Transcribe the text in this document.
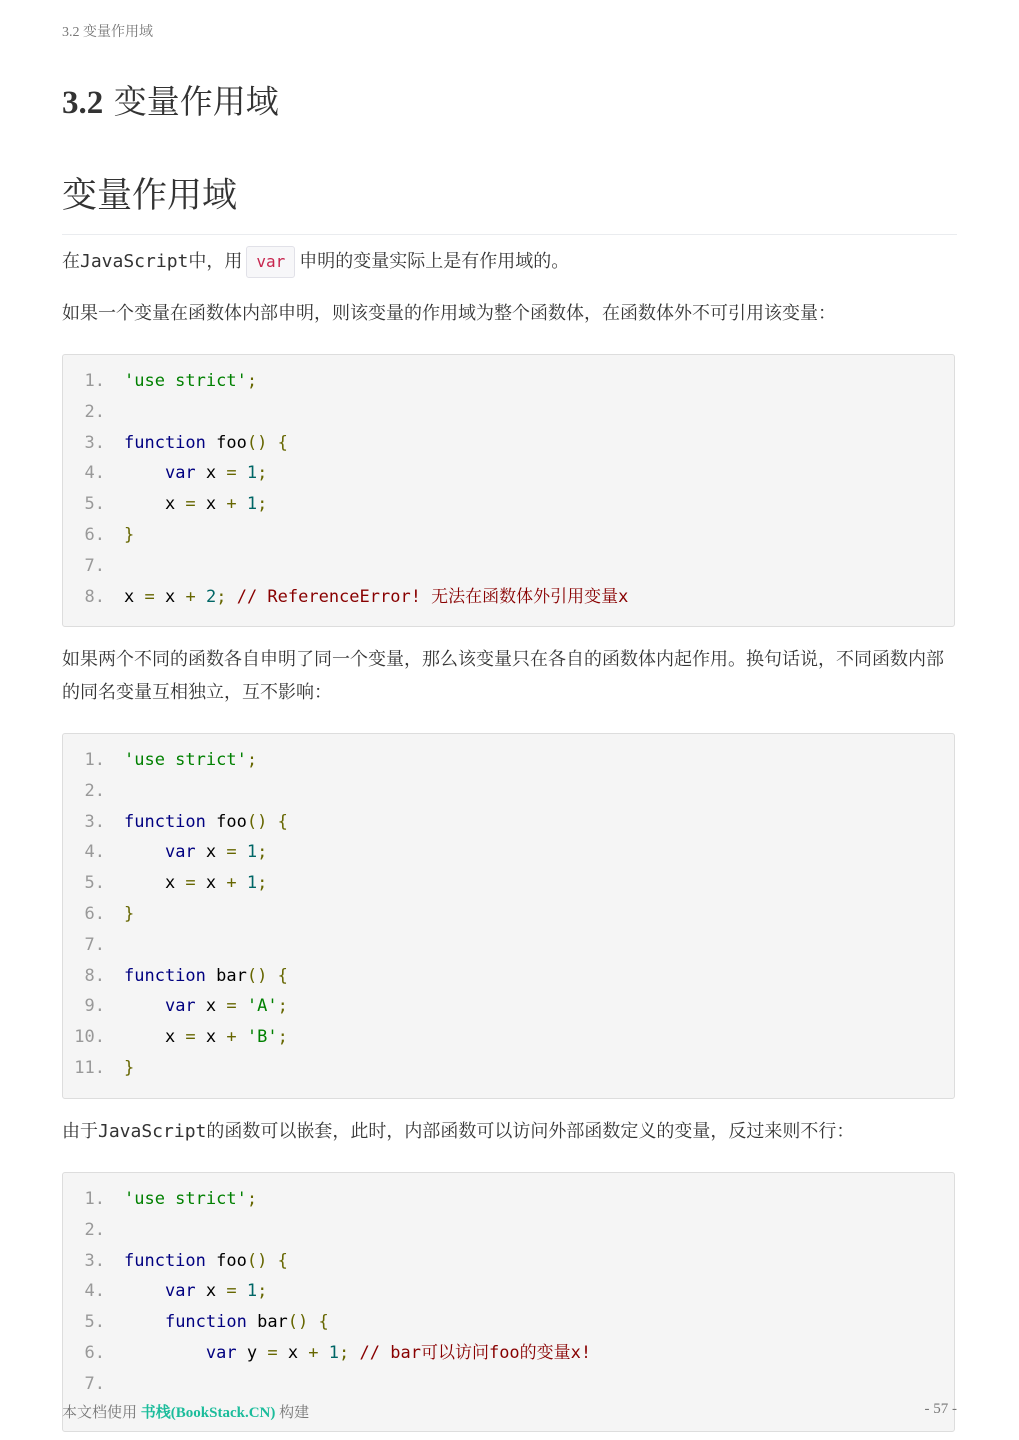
3.2 变量作用域
3.2 变量作用域
变量作用域

在JavaScript中，用 var 申明的变量实际上是有作用域的。

如果一个变量在函数体内部申明，则该变量的作用域为整个函数体，在函数体外不可引用该变量：

1.	'use strict';
2.
3.	function foo() {
4.	var x = 1;
5.	x = x + 1;
6.	}
7.
8.	x = x + 2; // ReferenceError! 无法在函数体外引用变量x

如果两个不同的函数各自申明了同一个变量，那么该变量只在各自的函数体内起作用。换句话说，不同函数内部的同名变量互相独立，互不影响：

1.	'use strict';
2.
3.	function foo() {
4.	var x = 1;
5.	x = x + 1;
6.	}
7.
8.	function bar() {
9.	var x = 'A';
10.	x = x + 'B';
11.	}

由于JavaScript的函数可以嵌套，此时，内部函数可以访问外部函数定义的变量，反过来则不行：

1.	'use strict';
2.
3.	function foo() {
4.	var x = 1;
5.	function bar() {
6.	var y = x + 1; // bar可以访问foo的变量x!
7.
本文档使用 书栈(BookStack.CN) 构建	- 57 -
